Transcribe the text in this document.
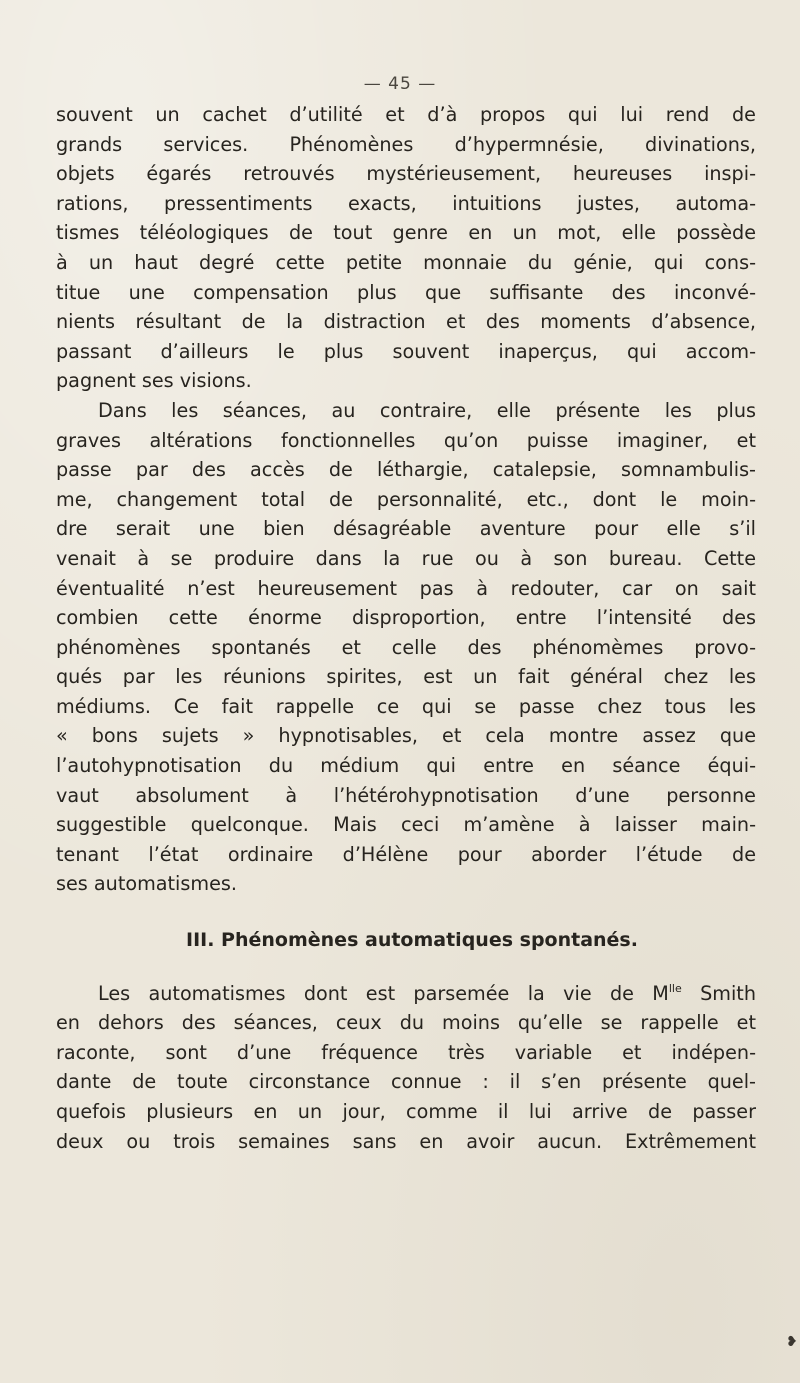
— 45 —
souvent un cachet d’utilité et d’à propos qui lui rend de
grands services. Phénomènes d’hypermnésie, divinations,
objets égarés retrouvés mystérieusement, heureuses inspi-
rations, pressentiments exacts, intuitions justes, automa-
tismes téléologiques de tout genre en un mot, elle possède
à un haut degré cette petite monnaie du génie, qui cons-
titue une compensation plus que suffisante des inconvé-
nients résultant de la distraction et des moments d’absence,
passant d’ailleurs le plus souvent inaperçus, qui accom-
pagnent ses visions.
Dans les séances, au contraire, elle présente les plus
graves altérations fonctionnelles qu’on puisse imaginer, et
passe par des accès de léthargie, catalepsie, somnambulis-
me, changement total de personnalité, etc., dont le moin-
dre serait une bien désagréable aventure pour elle s’il
venait à se produire dans la rue ou à son bureau. Cette
éventualité n’est heureusement pas à redouter, car on sait
combien cette énorme disproportion, entre l’intensité des
phénomènes spontanés et celle des phénomèmes provo-
qués par les réunions spirites, est un fait général chez les
médiums. Ce fait rappelle ce qui se passe chez tous les
« bons sujets » hypnotisables, et cela montre assez que
l’autohypnotisation du médium qui entre en séance équi-
vaut absolument à l’hétérohypnotisation d’une personne
suggestible quelconque. Mais ceci m’amène à laisser main-
tenant l’état ordinaire d’Hélène pour aborder l’étude de
ses automatismes.
III. Phénomènes automatiques spontanés.
Les automatismes dont est parsemée la vie de $M^{lle}$ Smith
en dehors des séances, ceux du moins qu’elle se rappelle et
raconte, sont d’une fréquence très variable et indépen-
dante de toute circonstance connue : il s’en présente quel-
quefois plusieurs en un jour, comme il lui arrive de passer
deux ou trois semaines sans en avoir aucun. Extrêmement
❥
